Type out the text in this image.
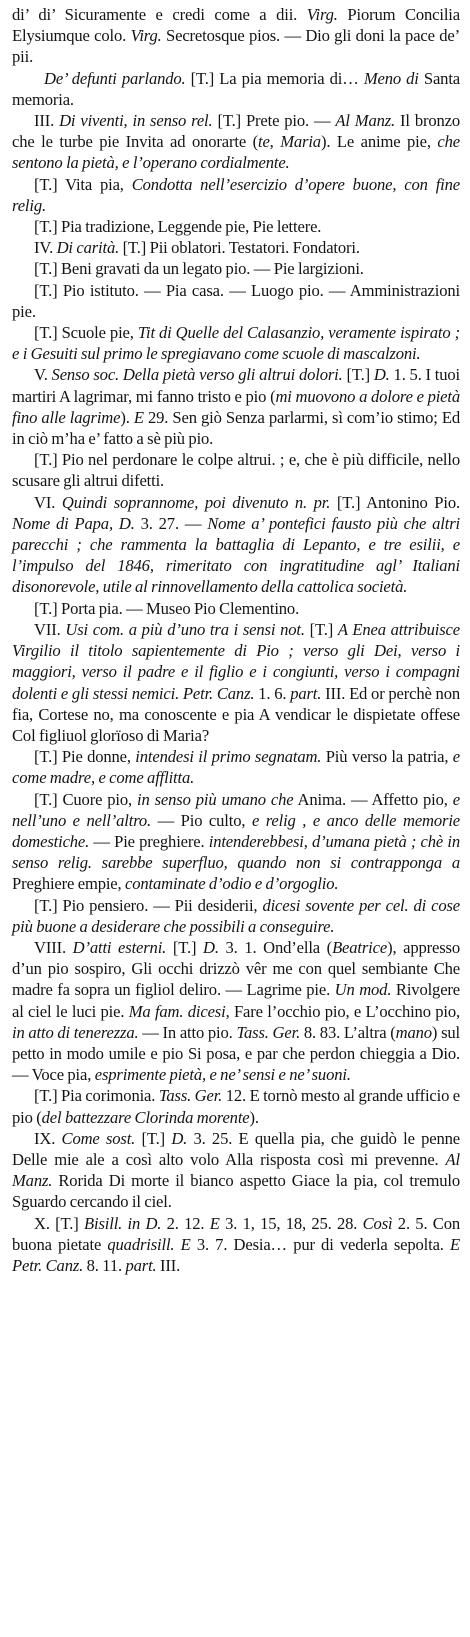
di’ di’ Sicuramente e credi come a dii. Virg. Piorum Concilia Elysiumque colo. Virg. Secretosque pios. — Dio gli doni la pace de’ pii.

De’ defunti parlando. [T.] La pia memoria di… Meno di Santa memoria.

III. Di viventi, in senso rel. [T.] Prete pio. — Al Manz. Il bronzo che le turbe pie Invita ad onorarte (te, Maria). Le anime pie, che sentono la pietà, e l’operano cordialmente.

[T.] Vita pia, Condotta nell’esercizio d’opere buone, con fine relig.

[T.] Pia tradizione, Leggende pie, Pie lettere.

IV. Di carità. [T.] Pii oblatori. Testatori. Fondatori.

[T.] Beni gravati da un legato pio. — Pie largizioni.

[T.] Pio istituto. — Pia casa. — Luogo pio. — Amministrazioni pie.

[T.] Scuole pie, Tit di Quelle del Calasanzio, veramente ispirato ; e i Gesuiti sul primo le spregiavano come scuole di mascalzoni.

V. Senso soc. Della pietà verso gli altrui dolori. [T.] D. 1. 5. I tuoi martiri A lagrimar, mi fanno tristo e pio (mi muovono a dolore e pietà fino alle lagrime). E 29. Sen giò Senza parlarmi, sì com’io stimo; Ed in ciò m’ha e’ fatto a sè più pio.

[T.] Pio nel perdonare le colpe altrui. ; e, che è più difficile, nello scusare gli altrui difetti.

VI. Quindi soprannome, poi divenuto n. pr. [T.] Antonino Pio. Nome di Papa, D. 3. 27. — Nome a’ pontefici fausto più che altri parecchi ; che rammenta la battaglia di Lepanto, e tre esilii, e l’impulso del 1846, rimeritato con ingratitudine agl’ Italiani disonorevole, utile al rinnovellamento della cattolica società.

[T.] Porta pia. — Museo Pio Clementino.

VII. Usi com. a più d’uno tra i sensi not. [T.] A Enea attribuisce Virgilio il titolo sapientemente di Pio ; verso gli Dei, verso i maggiori, verso il padre e il figlio e i congiunti, verso i compagni dolenti e gli stessi nemici. Petr. Canz. 1. 6. part. III. Ed or perchè non fia, Cortese no, ma conoscente e pia A vendicar le dispietate offese Col figliuol glorïoso di Maria?

[T.] Pie donne, intendesi il primo segnatam. Più verso la patria, e come madre, e come afflitta.

[T.] Cuore pio, in senso più umano che Anima. — Affetto pio, e nell’uno e nell’altro. — Pio culto, e relig , e anco delle memorie domestiche. — Pie preghiere. intenderebbesi, d’umana pietà ; chè in senso relig. sarebbe superfluo, quando non si contrapponga a Preghiere empie, contaminate d’odio e d’orgoglio.

[T.] Pio pensiero. — Pii desiderii, dicesi sovente per cel. di cose più buone a desiderare che possibili a conseguire.

VIII. D’atti esterni. [T.] D. 3. 1. Ond’ella (Beatrice), appresso d’un pio sospiro, Gli occhi drizzò vêr me con quel sembiante Che madre fa sopra un figliol deliro. — Lagrime pie. Un mod. Rivolgere al ciel le luci pie. Ma fam. dicesi, Fare l’occhio pio, e L’occhino pio, in atto di tenerezza. — In atto pio. Tass. Ger. 8. 83. L’altra (mano) sul petto in modo umile e pio Si posa, e par che perdon chieggia a Dio. — Voce pia, esprimente pietà, e ne’ sensi e ne’ suoni.

[T.] Pia corimonia. Tass. Ger. 12. E tornò mesto al grande ufficio e pio (del battezzare Clorinda morente).

IX. Come sost. [T.] D. 3. 25. E quella pia, che guidò le penne Delle mie ale a così alto volo Alla risposta così mi prevenne. Al Manz. Rorida Di morte il bianco aspetto Giace la pia, col tremulo Sguardo cercando il ciel.

X. [T.] Bisill. in D. 2. 12. E 3. 1, 15, 18, 25. 28. Così 2. 5. Con buona pietate quadrisill. E 3. 7. Desia… pur di vederla sepolta. E Petr. Canz. 8. 11. part. III.
